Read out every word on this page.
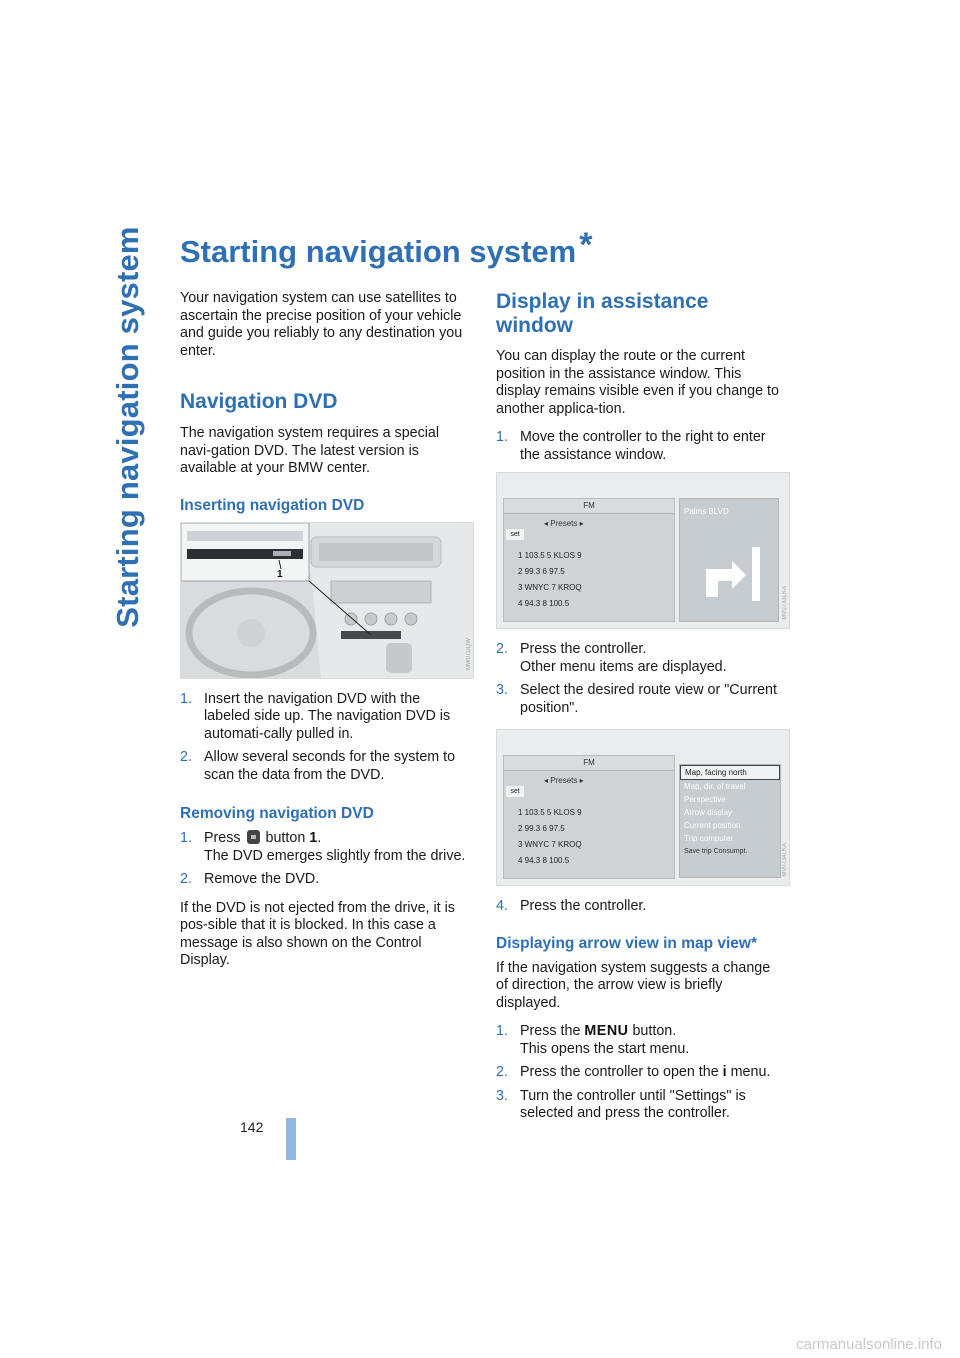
Starting navigation system
142
Starting navigation system*

Your navigation system can use satellites to ascertain the precise position of your vehicle and guide you reliably to any destination you enter.

Navigation DVD

The navigation system requires a special navi-gation DVD. The latest version is available at your BMW center.

Inserting navigation DVD
1
MW07DQW
1. Insert the navigation DVD with the labeled side up. The navigation DVD is automati-cally pulled in.
2. Allow several seconds for the system to scan the data from the DVD.
Removing navigation DVD
1. Press button 1.
The DVD emerges slightly from the drive.
2. Remove the DVD.

If the DVD is not ejected from the drive, it is pos-sible that it is blocked. In this case a message is also shown on the Control Display.

Display in assistance window

You can display the route or the current position in the assistance window. This display remains visible even if you change to another applica-tion.

1. Move the controller to the right to enter the assistance window.
FM
◂ Presets ▸
set
1 103.5 5 KLOS 9
2 99.3 6 97.5
3 WNYC 7 KROQ
4 94.3 8 100.5
Palms BLVD
MV0733LKA
2. Press the controller.
Other menu items are displayed.
3. Select the desired route view or "Current position".
FM
◂ Presets ▸
set
1 103.5 5 KLOS 9
2 99.3 6 97.5
3 WNYC 7 KROQ
4 94.3 8 100.5
Map, facing north
Map, dir. of travel
Perspective
Arrow display
Current position
Trip computer
Save trip Consumpt.	MV0734LKA
4. Press the controller.
Displaying arrow view in map view*

If the navigation system suggests a change of direction, the arrow view is briefly displayed.

1. Press the MENU button.
This opens the start menu.
2. Press the controller to open the i menu.
3. Turn the controller until "Settings" is selected and press the controller.
carmanualsonline.info
